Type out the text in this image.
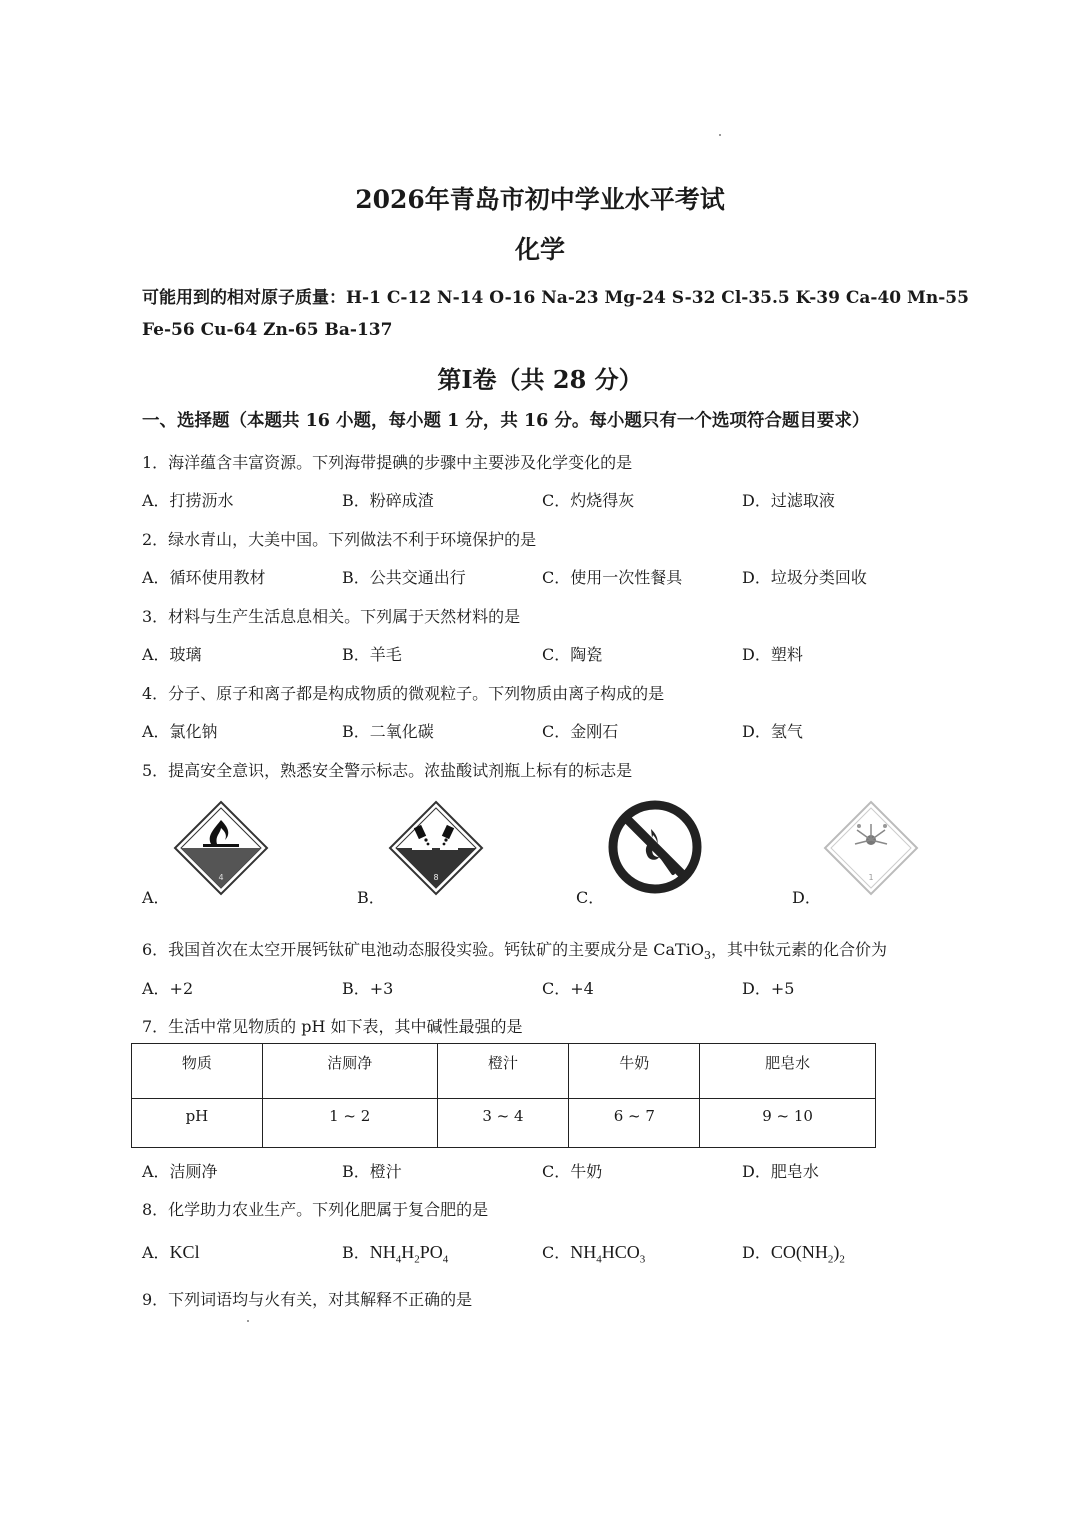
2026年青岛市初中学业水平考试
化学
可能用到的相对原子质量：H-1 C-12 N-14 O-16 Na-23 Mg-24 S-32 Cl-35.5 K-39 Ca-40 Mn-55
Fe-56 Cu-64 Zn-65 Ba-137
第Ⅰ卷（共 28 分）
一、选择题（本题共 16 小题，每小题 1 分，共 16 分。每小题只有一个选项符合题目要求）
1．海洋蕴含丰富资源。下列海带提碘的步骤中主要涉及化学变化的是
A．打捞沥水	B．粉碎成渣	C．灼烧得灰	D．过滤取液
2．绿水青山，大美中国。下列做法不利于环境保护的是
A．循环使用教材	B．公共交通出行	C．使用一次性餐具	D．垃圾分类回收
3．材料与生产生活息息相关。下列属于天然材料的是
A．玻璃	B．羊毛	C．陶瓷	D．塑料
4．分子、原子和离子都是构成物质的微观粒子。下列物质由离子构成的是
A．氯化钠	B．二氧化碳	C．金刚石	D．氢气
5．提高安全意识，熟悉安全警示标志。浓盐酸试剂瓶上标有的标志是
4	8	1
A．	B．	C．	D．
6．我国首次在太空开展钙钛矿电池动态服役实验。钙钛矿的主要成分是 CaTiO$_3$，其中钛元素的化合价为
A．+2	B．+3	C．+4	D．+5
7．生活中常见物质的 pH 如下表，其中碱性最强的是
物质	洁厕净	橙汁	牛奶	肥皂水
pH	1 ~ 2	3 ~ 4	6 ~ 7	9 ~ 10
A．洁厕净	B．橙汁	C．牛奶	D．肥皂水
8．化学助力农业生产。下列化肥属于复合肥的是
A．KCl	B．$NH_4H_2PO_4$	C．$NH_4HCO_3$	D．$CO(NH_2)_2$
9．下列词语均与火有关，对其解释不正确的是
